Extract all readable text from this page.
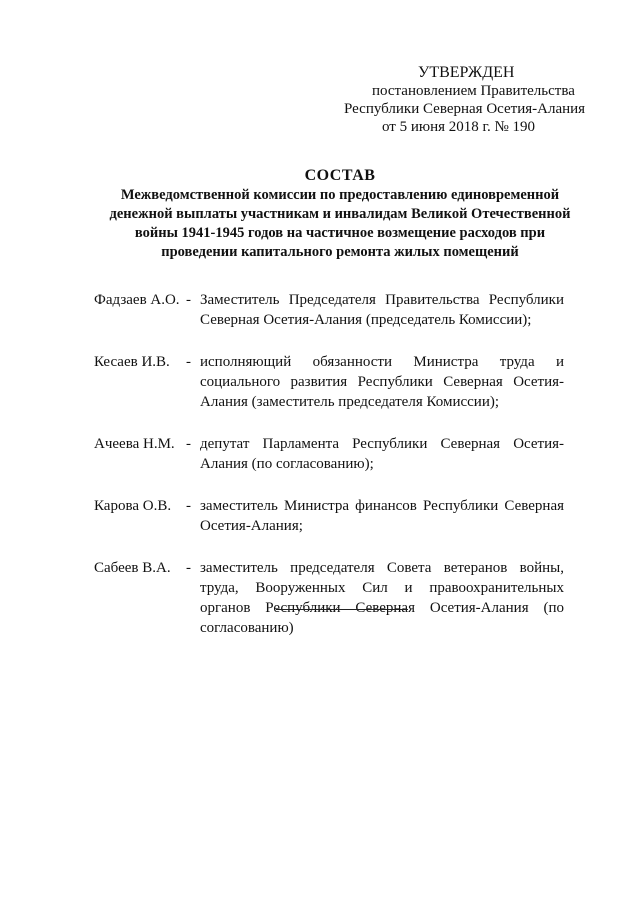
УТВЕРЖДЕН
постановлением Правительства
Республики Северная Осетия-Алания
от 5 июня 2018 г. № 190
СОСТАВ
Межведомственной комиссии по предоставлению единовременной
денежной выплаты участникам и инвалидам Великой Отечественной
войны 1941-1945 годов на частичное возмещение расходов при
проведении капитального ремонта жилых помещений
Фадзаев А.О. - Заместитель Председателя Правительства Республики Северная Осетия-Алания (председатель Комиссии);
Кесаев И.В.	- исполняющий обязанности Министра труда и социального развития Республики Северная Осетия-Алания (заместитель председателя Комиссии);
Ачеева Н.М. - депутат Парламента Республики Северная Осетия-Алания (по согласованию);
Карова О.В. - заместитель Министра финансов Республики Северная Осетия-Алания;
Сабеев В.А.	- заместитель председателя Совета ветеранов войны, труда, Вооруженных Сил и правоохранительных органов Республики Северная Осетия-Алания (по согласованию)
